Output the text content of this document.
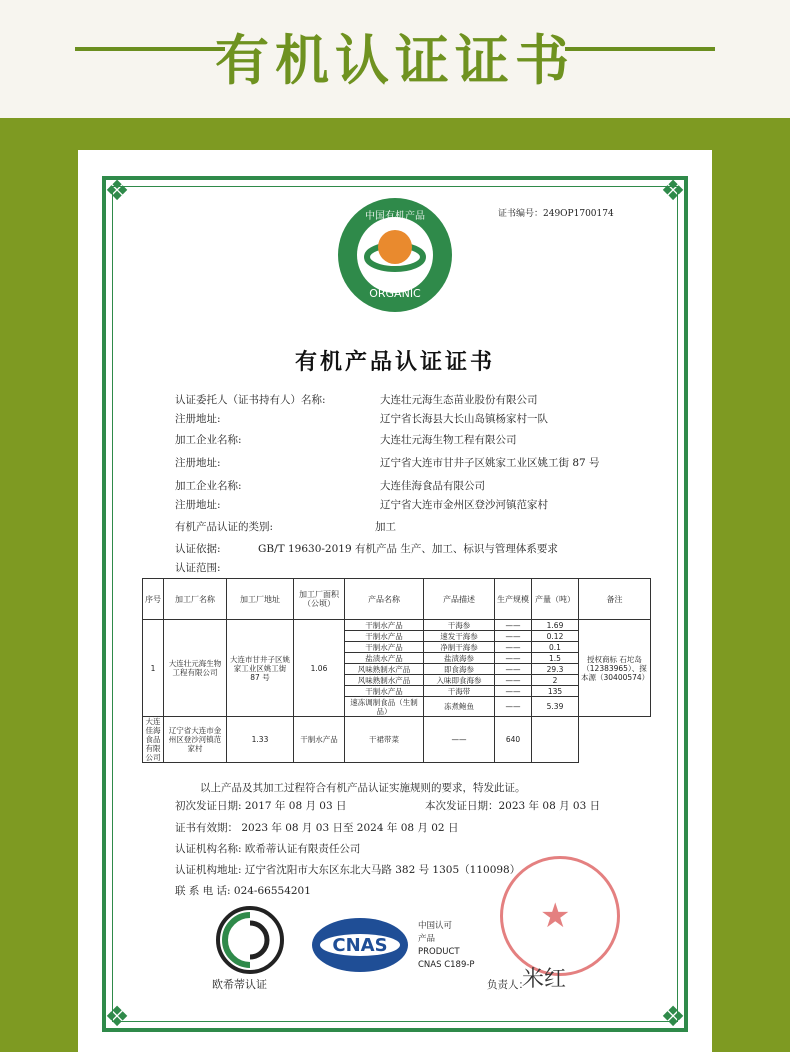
有机认证证书
❖	❖
❖	❖
证书编号：249OP1700174
ORGANIC
中国有机产品
有机产品认证证书
认证委托人（证书持有人）名称:	大连壮元海生态苗业股份有限公司
注册地址:	辽宁省长海县大长山岛镇杨家村一队
加工企业名称:	大连壮元海生物工程有限公司
注册地址:	辽宁省大连市甘井子区姚家工业区姚工街 87 号
加工企业名称:	大连佳海食品有限公司
注册地址:	辽宁省大连市金州区登沙河镇范家村
有机产品认证的类别:	加工
认证依据:	GB/T 19630-2019 有机产品 生产、加工、标识与管理体系要求
认证范围:
序号	加工厂名称	加工厂地址	加工厂面积（公顷）	产品名称	产品描述	生产规模	产量（吨）	备注
1	大连壮元海生物工程有限公司	大连市甘井子区姚家工业区姚工街 87 号	1.06	干制水产品	干海参	——	1.69	授权商标 石坨岛（12383965）、探本源（30400574）
				干制水产品	速发干海参	——	0.12	
				干制水产品	净制干海参	——	0.1	
				盐渍水产品	盐渍海参	——	1.5	
				风味熟制水产品	即食海参	——	29.3	
				风味熟制水产品	入味即食海参	——	2	
				干制水产品	干海带	——	135	
				速冻调制食品（生制品）	冻煮鲍鱼	——	5.39	
大连佳海食品有限公司	辽宁省大连市金州区登沙河镇范家村	1.33	干制水产品	干裙带菜	——	640		
以上产品及其加工过程符合有机产品认证实施规则的要求，特发此证。
初次发证日期: 2017 年 08 月 03 日	本次发证日期：2023 年 08 月 03 日
证书有效期： 2023 年 08 月 03 日至 2024 年 08 月 02 日
认证机构名称: 欧希蒂认证有限责任公司
认证机构地址: 辽宁省沈阳市大东区东北大马路 382 号 1305（110098）
联 系 电 话: 024-66554201
欧希蒂认证
CNAS
中国认可
产品
PRODUCT
CNAS C189-P
★
米红
负责人：
